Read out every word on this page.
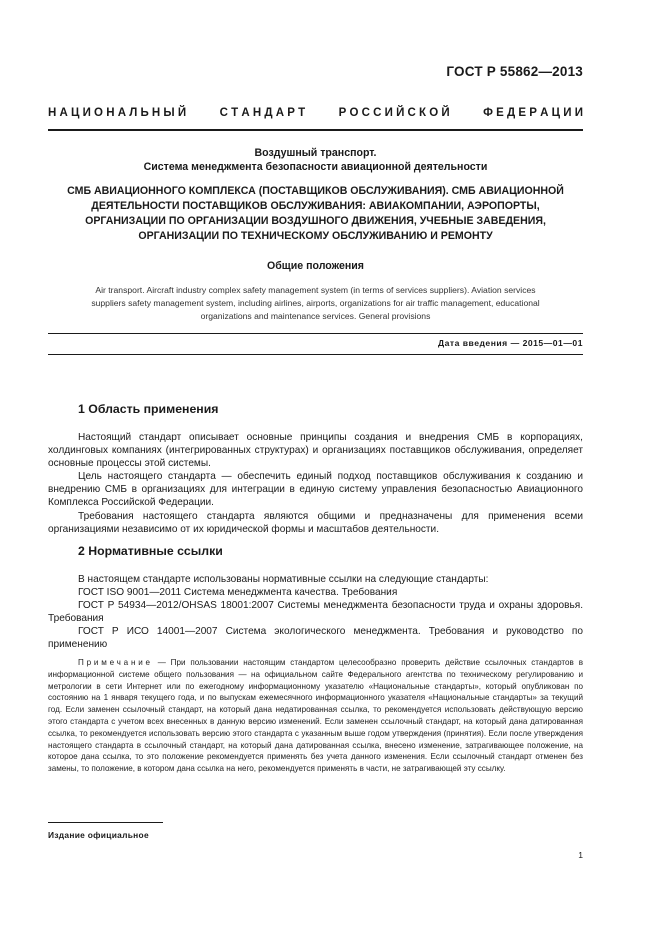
ГОСТ Р 55862—2013
Н А Ц И О Н А Л Ь Н Ы Й	С Т А Н Д А Р Т	Р О С С И Й С К О Й	Ф Е Д Е Р А Ц И И
Воздушный транспорт.
Система менеджмента безопасности авиационной деятельности
СМБ АВИАЦИОННОГО КОМПЛЕКСА (ПОСТАВЩИКОВ ОБСЛУЖИВАНИЯ). СМБ АВИАЦИОННОЙ
ДЕЯТЕЛЬНОСТИ ПОСТАВЩИКОВ ОБСЛУЖИВАНИЯ: АВИАКОМПАНИИ, АЭРОПОРТЫ,
ОРГАНИЗАЦИИ ПО ОРГАНИЗАЦИИ ВОЗДУШНОГО ДВИЖЕНИЯ, УЧЕБНЫЕ ЗАВЕДЕНИЯ,
ОРГАНИЗАЦИИ ПО ТЕХНИЧЕСКОМУ ОБСЛУЖИВАНИЮ И РЕМОНТУ
Общие положения
Air transport. Aircraft industry complex safety management system (in terms of services suppliers). Aviation services
suppliers safety management system, including airlines, airports, organizations for air traffic management, educational
organizations and maintenance services. General provisions
Дата введения — 2015—01—01
1 Область применения

Настоящий стандарт описывает основные принципы создания и внедрения СМБ в корпорациях, холдинговых компаниях (интегрированных структурах) и организациях поставщиков обслуживания, определяет основные процессы этой системы.

Цель настоящего стандарта — обеспечить единый подход поставщиков обслуживания к созданию и внедрению СМБ в организациях для интеграции в единую систему управления безопасностью Авиационного Комплекса Российской Федерации.

Требования настоящего стандарта являются общими и предназначены для применения всеми организациями независимо от их юридической формы и масштабов деятельности.

2 Нормативные ссылки

В настоящем стандарте использованы нормативные ссылки на следующие стандарты:

ГОСТ ISO 9001—2011 Система менеджмента качества. Требования

ГОСТ Р 54934—2012/OHSAS 18001:2007 Системы менеджмента безопасности труда и охраны здоровья. Требования

ГОСТ Р ИСО 14001—2007 Система экологического менеджмента. Требования и руководство по применению

Примечание — При пользовании настоящим стандартом целесообразно проверить действие ссылочных стандартов в информационной системе общего пользования — на официальном сайте Федерального агентства по техническому регулированию и метрологии в сети Интернет или по ежегодному информационному указателю «Национальные стандарты», который опубликован по состоянию на 1 января текущего года, и по выпускам ежемесячного информационного указателя «Национальные стандарты» за текущий год. Если заменен ссылочный стандарт, на который дана недатированная ссылка, то рекомендуется использовать действующую версию этого стандарта с учетом всех внесенных в данную версию изменений. Если заменен ссылочный стандарт, на который дана датированная ссылка, то рекомендуется использовать версию этого стандарта с указанным выше годом утверждения (принятия). Если после утверждения настоящего стандарта в ссылочный стандарт, на который дана датированная ссылка, внесено изменение, затрагивающее положение, на которое дана ссылка, то это положение рекомендуется применять без учета данного изменения. Если ссылочный стандарт отменен без замены, то положение, в котором дана ссылка на него, рекомендуется применять в части, не затрагивающей эту ссылку.

Издание официальное
1
